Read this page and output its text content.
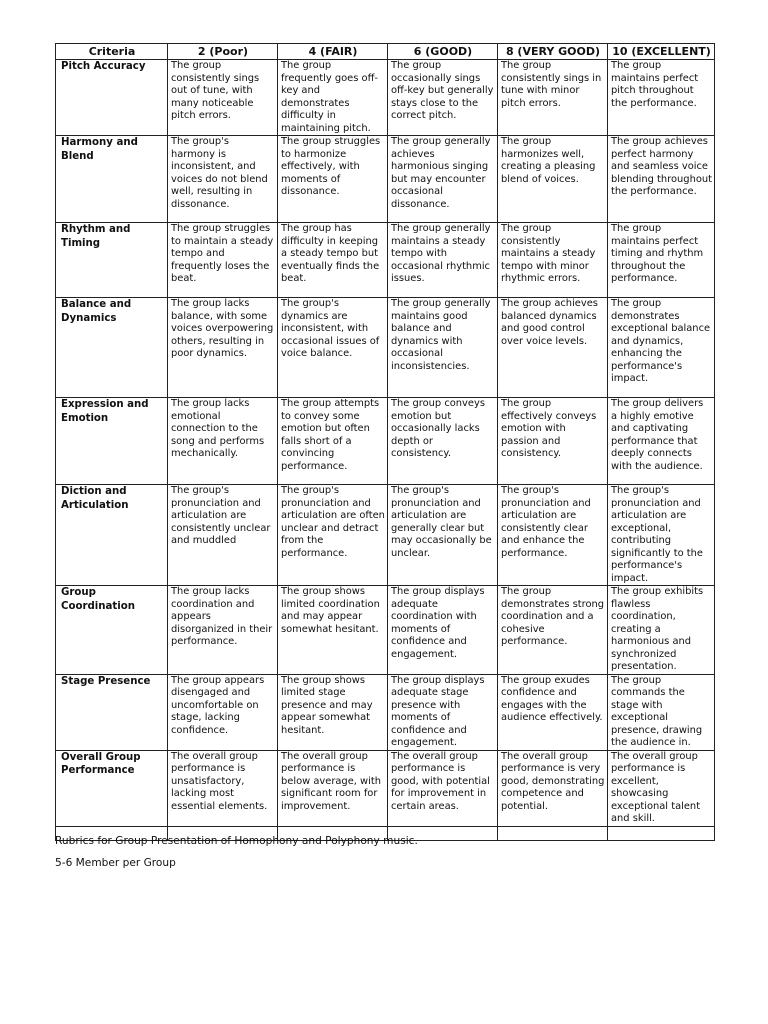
Criteria	2 (Poor)	4 (FAIR)	6 (GOOD)	8 (VERY GOOD)	10 (EXCELLENT)
Pitch Accuracy	The group consistently sings out of tune, with many noticeable pitch errors.	The group frequently goes off-key and demonstrates difficulty in maintaining pitch.	The group occasionally sings off-key but generally stays close to the correct pitch.	The group consistently sings in tune with minor pitch errors.	The group maintains perfect pitch throughout the performance.
Harmony and Blend	The group's harmony is inconsistent, and voices do not blend well, resulting in dissonance.	The group struggles to harmonize effectively, with moments of dissonance.	The group generally achieves harmonious singing but may encounter occasional dissonance.	The group harmonizes well, creating a pleasing blend of voices.	The group achieves perfect harmony and seamless voice blending throughout the performance.
Rhythm and Timing	The group struggles to maintain a steady tempo and frequently loses the beat.	The group has difficulty in keeping a steady tempo but eventually finds the beat.	The group generally maintains a steady tempo with occasional rhythmic issues.	The group consistently maintains a steady tempo with minor rhythmic errors.	The group maintains perfect timing and rhythm throughout the performance.
Balance and Dynamics	The group lacks balance, with some voices overpowering others, resulting in poor dynamics.	The group's dynamics are inconsistent, with occasional issues of voice balance.	The group generally maintains good balance and dynamics with occasional inconsistencies.	The group achieves balanced dynamics and good control over voice levels.	The group demonstrates exceptional balance and dynamics, enhancing the performance's impact.
Expression and Emotion	The group lacks emotional connection to the song and performs mechanically.	The group attempts to convey some emotion but often falls short of a convincing performance.	The group conveys emotion but occasionally lacks depth or consistency.	The group effectively conveys emotion with passion and consistency.	The group delivers a highly emotive and captivating performance that deeply connects with the audience.
Diction and Articulation	The group's pronunciation and articulation are consistently unclear and muddled	The group's pronunciation and articulation are often unclear and detract from the performance.	The group's pronunciation and articulation are generally clear but may occasionally be unclear.	The group's pronunciation and articulation are consistently clear and enhance the performance.	The group's pronunciation and articulation are exceptional, contributing significantly to the performance's impact.
Group Coordination	The group lacks coordination and appears disorganized in their performance.	The group shows limited coordination and may appear somewhat hesitant.	The group displays adequate coordination with moments of confidence and engagement.	The group demonstrates strong coordination and a cohesive performance.	The group exhibits flawless coordination, creating a harmonious and synchronized presentation.
Stage Presence	The group appears disengaged and uncomfortable on stage, lacking confidence.	The group shows limited stage presence and may appear somewhat hesitant.	The group displays adequate stage presence with moments of confidence and engagement.	The group exudes confidence and engages with the audience effectively.	The group commands the stage with exceptional presence, drawing the audience in.
Overall Group Performance	The overall group performance is unsatisfactory, lacking most essential elements.	The overall group performance is below average, with significant room for improvement.	The overall group performance is good, with potential for improvement in certain areas.	The overall group performance is very good, demonstrating competence and potential.	The overall group performance is excellent, showcasing exceptional talent and skill.

Rubrics for Group Presentation of Homophony and Polyphony music.
5-6 Member per Group
